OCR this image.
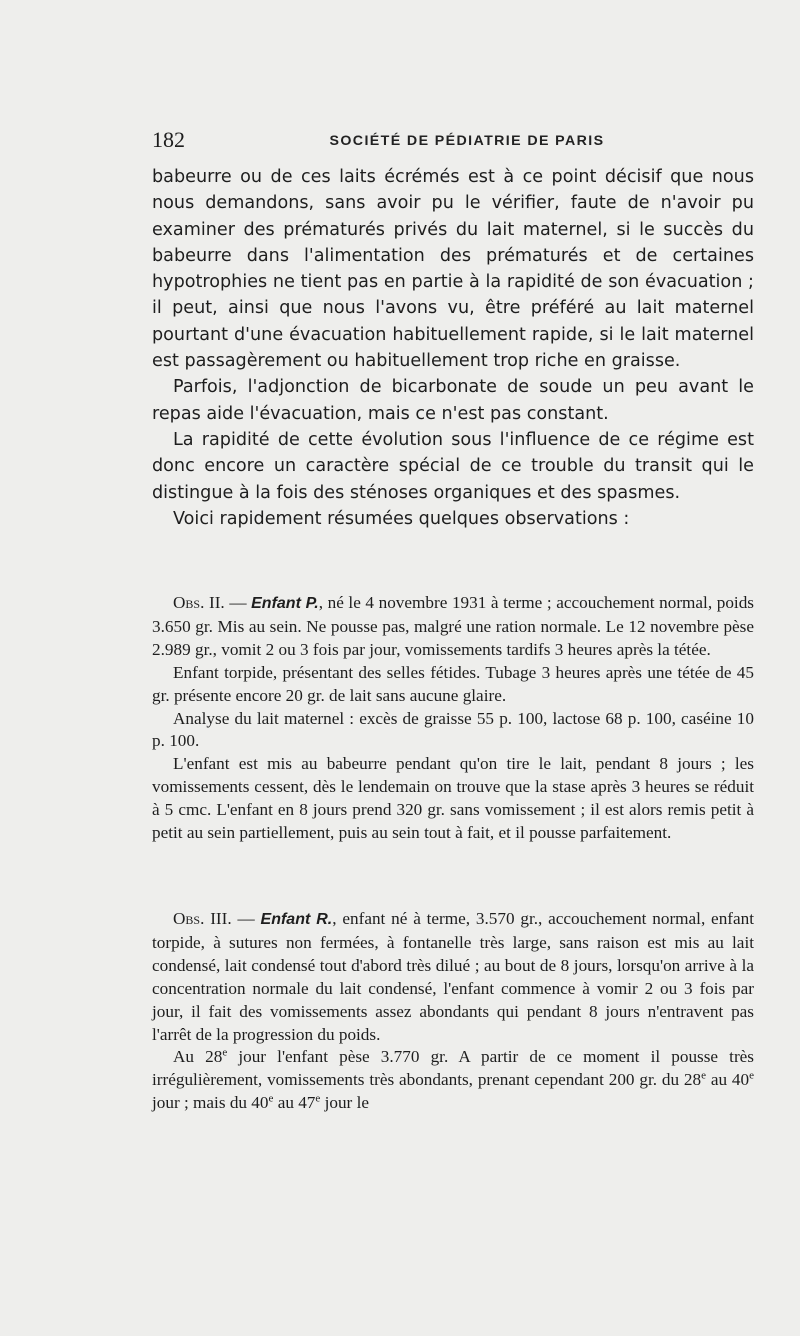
182	SOCIÉTÉ DE PÉDIATRIE DE PARIS

babeurre ou de ces laits écrémés est à ce point décisif que nous nous demandons, sans avoir pu le vérifier, faute de n'avoir pu examiner des prématurés privés du lait maternel, si le succès du babeurre dans l'alimentation des prématurés et de certaines hypotrophies ne tient pas en partie à la rapidité de son évacuation ; il peut, ainsi que nous l'avons vu, être préféré au lait maternel pourtant d'une évacuation habituellement rapide, si le lait maternel est passagèrement ou habituellement trop riche en graisse.

Parfois, l'adjonction de bicarbonate de soude un peu avant le repas aide l'évacuation, mais ce n'est pas constant.

La rapidité de cette évolution sous l'influence de ce régime est donc encore un caractère spécial de ce trouble du transit qui le distingue à la fois des sténoses organiques et des spasmes.

Voici rapidement résumées quelques observations :

Obs. II. — Enfant P., né le 4 novembre 1931 à terme ; accouchement normal, poids 3.650 gr. Mis au sein. Ne pousse pas, malgré une ration normale. Le 12 novembre pèse 2.989 gr., vomit 2 ou 3 fois par jour, vomissements tardifs 3 heures après la tétée.

Enfant torpide, présentant des selles fétides. Tubage 3 heures après une tétée de 45 gr. présente encore 20 gr. de lait sans aucune glaire.

Analyse du lait maternel : excès de graisse 55 p. 100, lactose 68 p. 100, caséine 10 p. 100.

L'enfant est mis au babeurre pendant qu'on tire le lait, pendant 8 jours ; les vomissements cessent, dès le lendemain on trouve que la stase après 3 heures se réduit à 5 cmc. L'enfant en 8 jours prend 320 gr. sans vomissement ; il est alors remis petit à petit au sein partiellement, puis au sein tout à fait, et il pousse parfaitement.

Obs. III. — Enfant R., enfant né à terme, 3.570 gr., accouchement normal, enfant torpide, à sutures non fermées, à fontanelle très large, sans raison est mis au lait condensé, lait condensé tout d'abord très dilué ; au bout de 8 jours, lorsqu'on arrive à la concentration normale du lait condensé, l'enfant commence à vomir 2 ou 3 fois par jour, il fait des vomissements assez abondants qui pendant 8 jours n'entravent pas l'arrêt de la progression du poids.

Au 28e jour l'enfant pèse 3.770 gr. A partir de ce moment il pousse très irrégulièrement, vomissements très abondants, prenant cependant 200 gr. du 28e au 40e jour ; mais du 40e au 47e jour le
